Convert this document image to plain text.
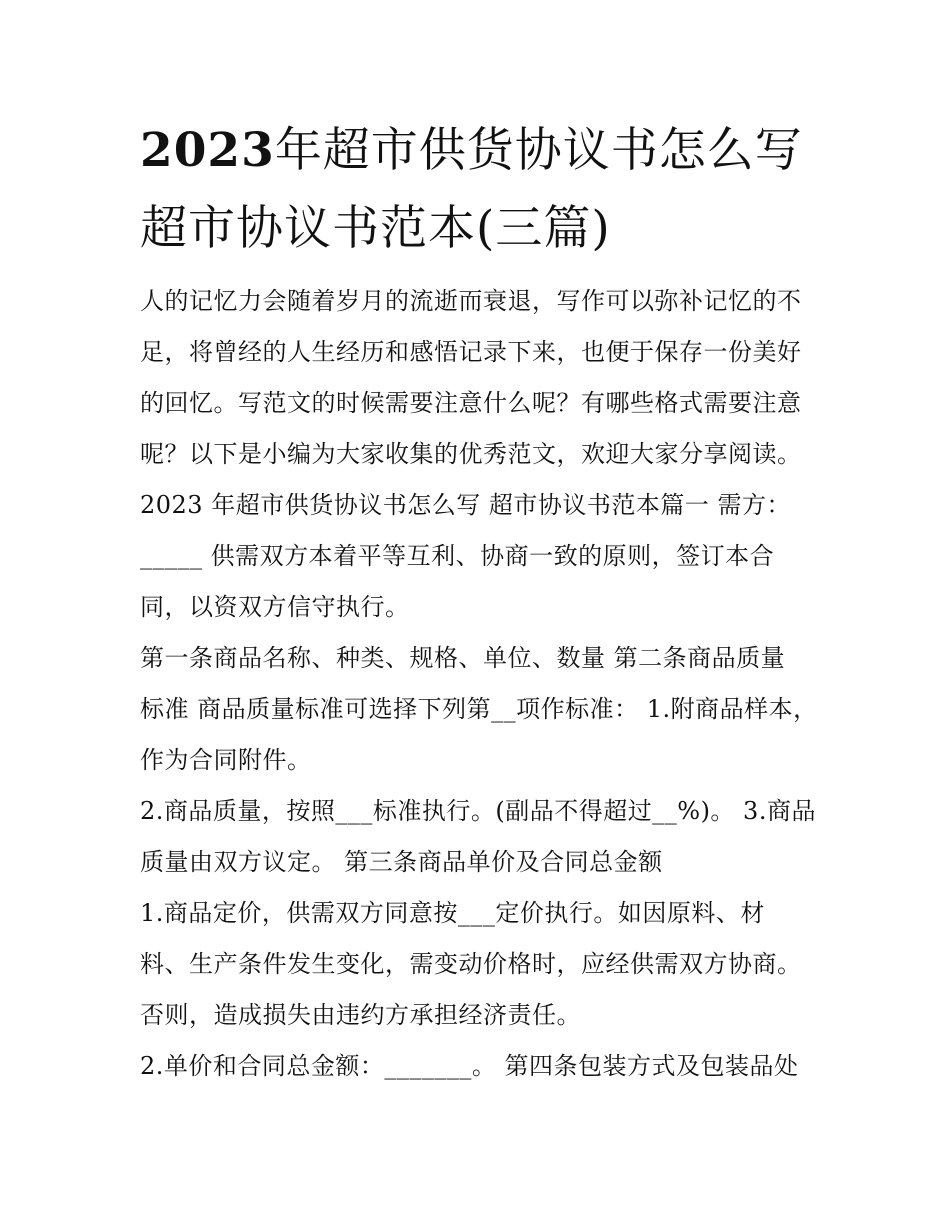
2023年超市供货协议书怎么写
超市协议书范本(三篇)
人的记忆力会随着岁月的流逝而衰退，写作可以弥补记忆的不
足，将曾经的人生经历和感悟记录下来，也便于保存一份美好
的回忆。写范文的时候需要注意什么呢？有哪些格式需要注意
呢？以下是小编为大家收集的优秀范文，欢迎大家分享阅读。
2023 年超市供货协议书怎么写 超市协议书范本篇一 需方：
_____ 供需双方本着平等互利、协商一致的原则，签订本合
同，以资双方信守执行。
第一条商品名称、种类、规格、单位、数量 第二条商品质量
标准 商品质量标准可选择下列第__项作标准： 1.附商品样本，
作为合同附件。
2.商品质量，按照___标准执行。(副品不得超过__%)。 3.商品
质量由双方议定。 第三条商品单价及合同总金额
1.商品定价，供需双方同意按___定价执行。如因原料、材
料、生产条件发生变化，需变动价格时，应经供需双方协商。
否则，造成损失由违约方承担经济责任。
2.单价和合同总金额：_______。 第四条包装方式及包装品处
